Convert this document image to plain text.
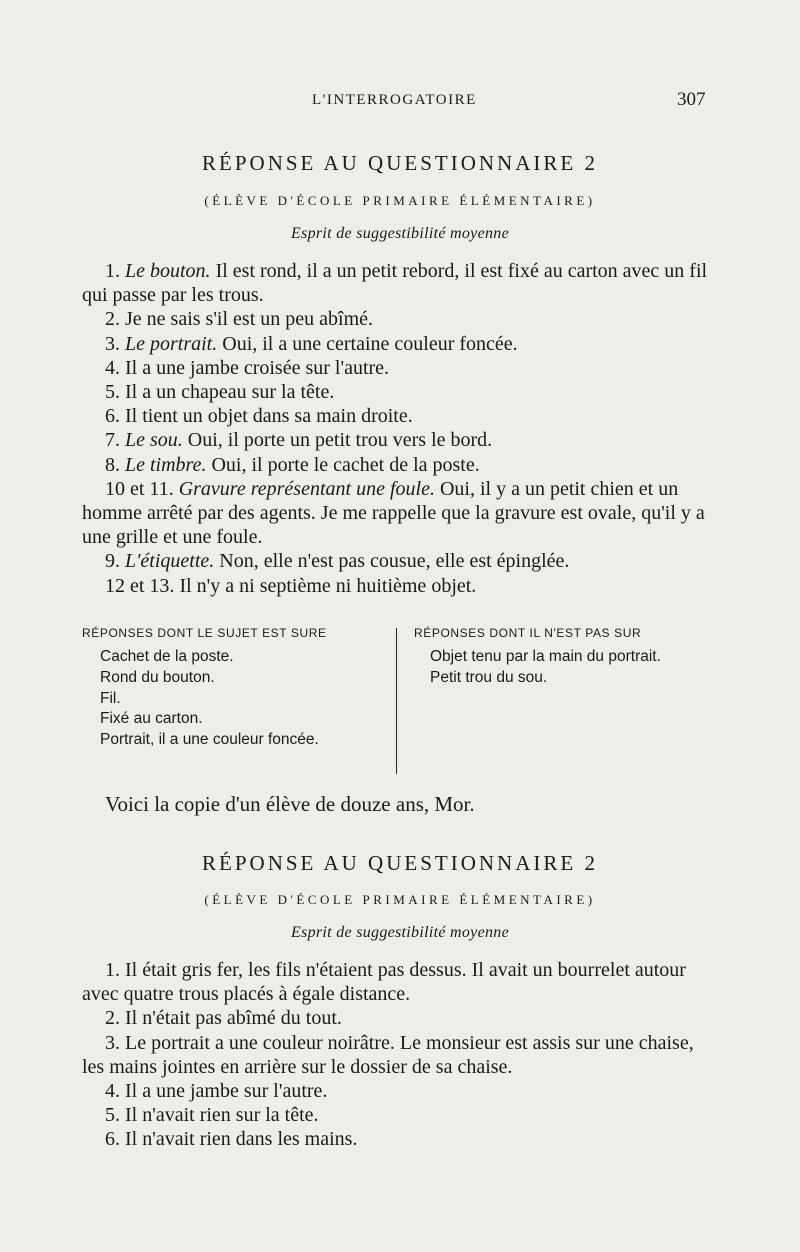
L'INTERROGATOIRE	307
RÉPONSE AU QUESTIONNAIRE 2
(ÉLÈVE D'ÉCOLE PRIMAIRE ÉLÉMENTAIRE)
Esprit de suggestibilité moyenne

1. Le bouton. Il est rond, il a un petit rebord, il est fixé au carton avec un fil qui passe par les trous.

2. Je ne sais s'il est un peu abîmé.

3. Le portrait. Oui, il a une certaine couleur foncée.

4. Il a une jambe croisée sur l'autre.

5. Il a un chapeau sur la tête.

6. Il tient un objet dans sa main droite.

7. Le sou. Oui, il porte un petit trou vers le bord.

8. Le timbre. Oui, il porte le cachet de la poste.

10 et 11. Gravure représentant une foule. Oui, il y a un petit chien et un homme arrêté par des agents. Je me rappelle que la gravure est ovale, qu'il y a une grille et une foule.

9. L'étiquette. Non, elle n'est pas cousue, elle est épinglée.

12 et 13. Il n'y a ni septième ni huitième objet.

RÉPONSES DONT LE SUJET EST SURE
Cachet de la poste.
Rond du bouton.
Fil.
Fixé au carton.
Portrait, il a une couleur foncée.
RÉPONSES DONT IL N'EST PAS SUR
Objet tenu par la main du portrait.
Petit trou du sou.
Voici la copie d'un élève de douze ans, Mor.
RÉPONSE AU QUESTIONNAIRE 2
(ÉLÈVE D'ÉCOLE PRIMAIRE ÉLÉMENTAIRE)
Esprit de suggestibilité moyenne

1. Il était gris fer, les fils n'étaient pas dessus. Il avait un bourrelet autour avec quatre trous placés à égale distance.

2. Il n'était pas abîmé du tout.

3. Le portrait a une couleur noirâtre. Le monsieur est assis sur une chaise, les mains jointes en arrière sur le dossier de sa chaise.

4. Il a une jambe sur l'autre.

5. Il n'avait rien sur la tête.

6. Il n'avait rien dans les mains.
